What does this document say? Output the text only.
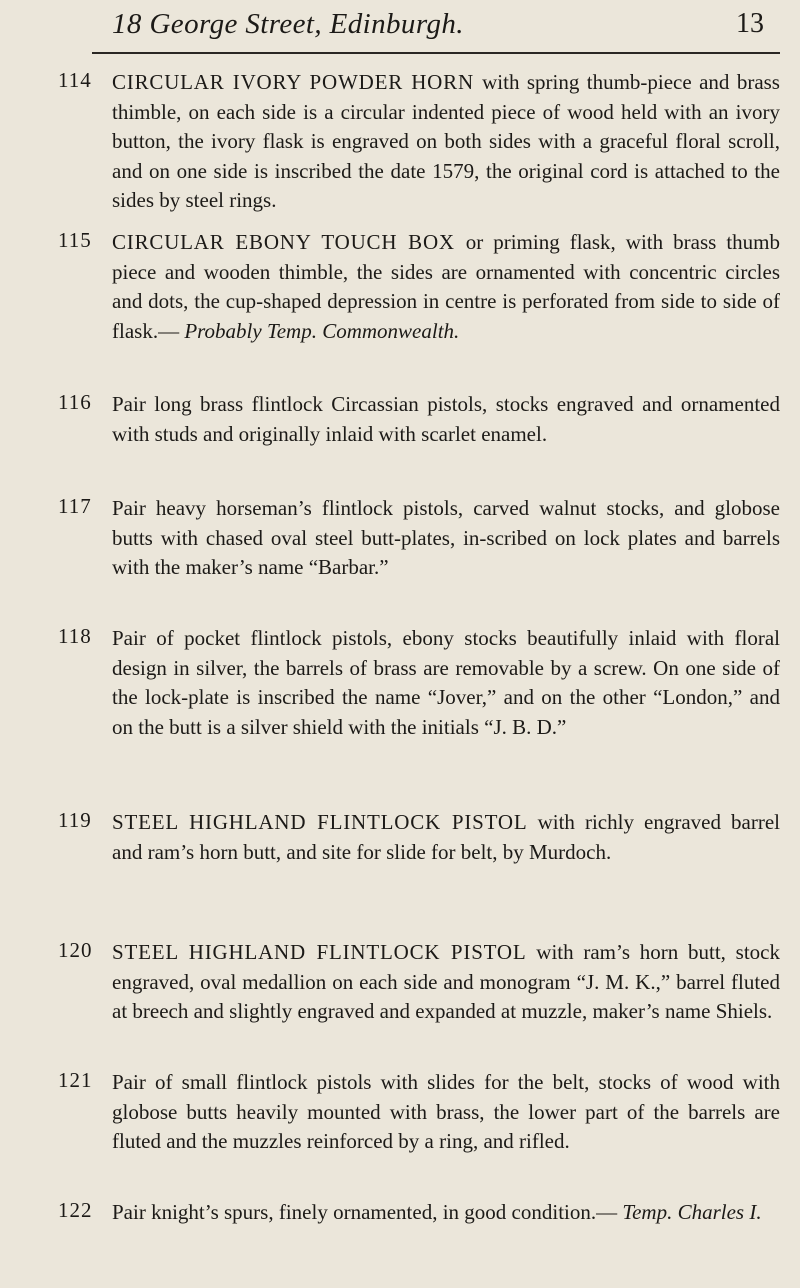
18 George Street, Edinburgh.	13
114 CIRCULAR IVORY POWDER HORN with spring thumb-piece and brass thimble, on each side is a circular indented piece of wood held with an ivory button, the ivory flask is engraved on both sides with a graceful floral scroll, and on one side is inscribed the date 1579, the original cord is attached to the sides by steel rings.
115 CIRCULAR EBONY TOUCH BOX or priming flask, with brass thumb piece and wooden thimble, the sides are ornamented with concentric circles and dots, the cup-shaped depression in centre is perforated from side to side of flask.— Probably Temp. Commonwealth.
116 Pair long brass flintlock Circassian pistols, stocks engraved and ornamented with studs and originally inlaid with scarlet enamel.
117 Pair heavy horseman’s flintlock pistols, carved walnut stocks, and globose butts with chased oval steel butt-plates, in-scribed on lock plates and barrels with the maker’s name “Barbar.”
118 Pair of pocket flintlock pistols, ebony stocks beautifully inlaid with floral design in silver, the barrels of brass are removable by a screw. On one side of the lock-plate is inscribed the name “Jover,” and on the other “London,” and on the butt is a silver shield with the initials “J. B. D.”
119 STEEL HIGHLAND FLINTLOCK PISTOL with richly engraved barrel and ram’s horn butt, and site for slide for belt, by Murdoch.
120 STEEL HIGHLAND FLINTLOCK PISTOL with ram’s horn butt, stock engraved, oval medallion on each side and monogram “J. M. K.,” barrel fluted at breech and slightly engraved and expanded at muzzle, maker’s name Shiels.
121 Pair of small flintlock pistols with slides for the belt, stocks of wood with globose butts heavily mounted with brass, the lower part of the barrels are fluted and the muzzles reinforced by a ring, and rifled.
122 Pair knight’s spurs, finely ornamented, in good condition.— Temp. Charles I.
